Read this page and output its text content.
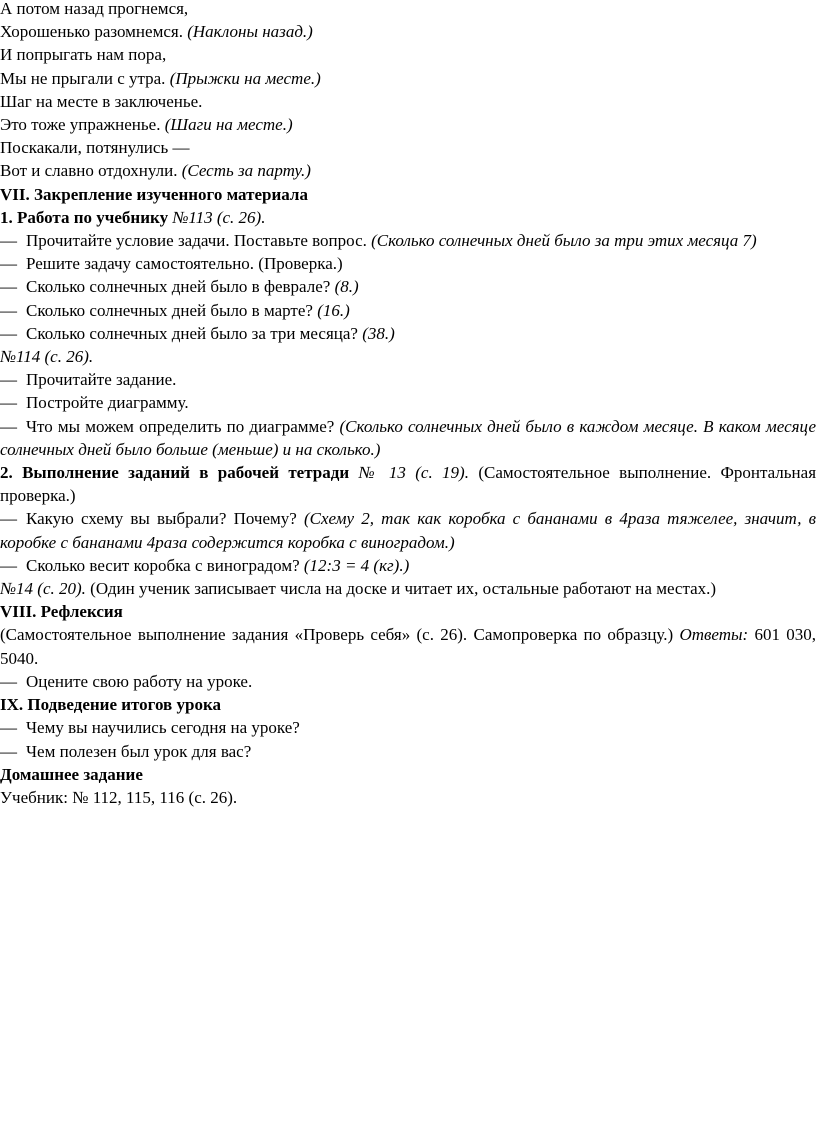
А потом назад прогнемся,
Хорошенько разомнемся. (Наклоны назад.)
И попрыгать нам пора,
Мы не прыгали с утра. (Прыжки на месте.)
Шаг на месте в заключенье.
Это тоже упражненье. (Шаги на месте.)
Поскакали, потянулись —
Вот и славно отдохнули. (Сесть за парту.)
VII. Закрепление изученного материала
1. Работа по учебнику №113 (с. 26).
— Прочитайте условие задачи. Поставьте вопрос. (Сколько солнечных дней было за три этих месяца 7)
— Решите задачу самостоятельно. (Проверка.)
— Сколько солнечных дней было в феврале? (8.)
— Сколько солнечных дней было в марте? (16.)
— Сколько солнечных дней было за три месяца? (38.)
№114 (с. 26).
— Прочитайте задание.
— Постройте диаграмму.
— Что мы можем определить по диаграмме? (Сколько солнечных дней было в каждом месяце. В каком месяце солнечных дней было больше (меньше) и на сколько.)
2. Выполнение заданий в рабочей тетради № 13 (с. 19). (Самостоятельное выполнение. Фронтальная проверка.)
— Какую схему вы выбрали? Почему? (Схему 2, так как коробка с бананами в 4раза тяжелее, значит, в коробке с бананами 4раза содержится коробка с виноградом.)
— Сколько весит коробка с виноградом? (12:3 = 4 (кг).)
№14 (с. 20). (Один ученик записывает числа на доске и читает их, остальные работают на местах.)
VIII. Рефлексия
(Самостоятельное выполнение задания «Проверь себя» (с. 26). Самопроверка по образцу.) Ответы: 601 030, 5040.
— Оцените свою работу на уроке.
IX. Подведение итогов урока
— Чему вы научились сегодня на уроке?
— Чем полезен был урок для вас?
Домашнее задание
Учебник: № 112, 115, 116 (с. 26).
